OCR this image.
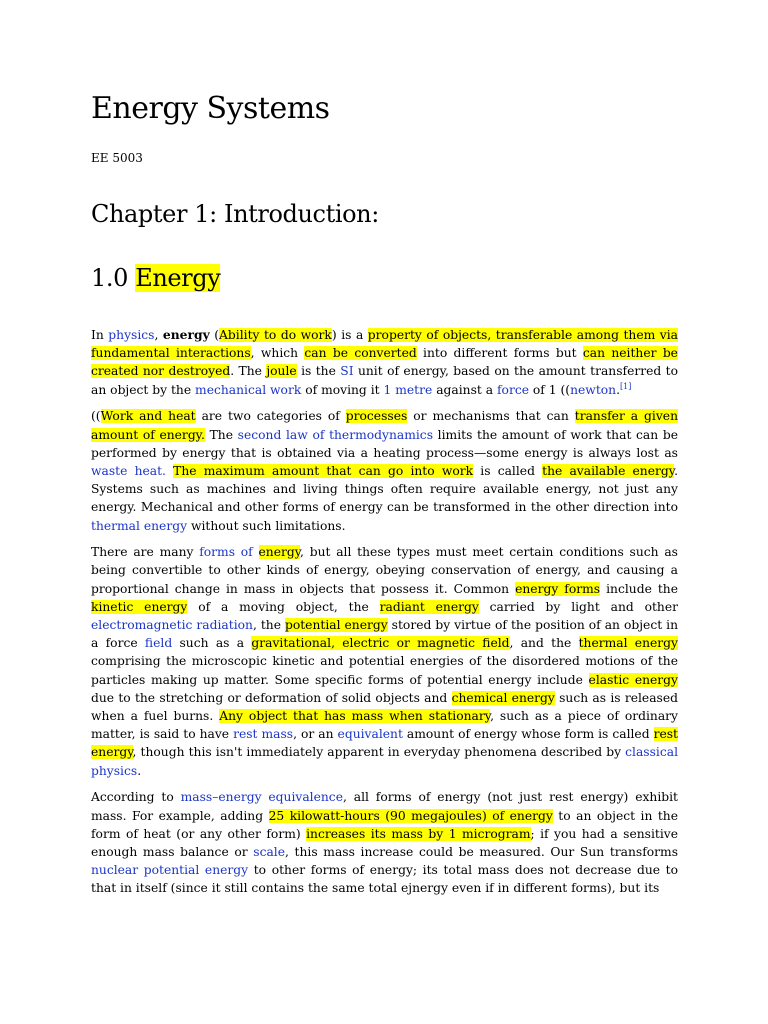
Energy Systems
EE 5003
Chapter 1: Introduction:
1.0 Energy

In physics, energy (Ability to do work) is a property of objects, transferable among them via fundamental interactions, which can be converted into different forms but can neither be created nor destroyed. The joule is the SI unit of energy, based on the amount transferred to an object by the mechanical work of moving it 1 metre against a force of 1 ((newton.[1]

((Work and heat are two categories of processes or mechanisms that can transfer a given amount of energy. The second law of thermodynamics limits the amount of work that can be performed by energy that is obtained via a heating process—some energy is always lost as waste heat. The maximum amount that can go into work is called the available energy. Systems such as machines and living things often require available energy, not just any energy. Mechanical and other forms of energy can be transformed in the other direction into thermal energy without such limitations.

There are many forms of energy, but all these types must meet certain conditions such as being convertible to other kinds of energy, obeying conservation of energy, and causing a proportional change in mass in objects that possess it. Common energy forms include the kinetic energy of a moving object, the radiant energy carried by light and other electromagnetic radiation, the potential energy stored by virtue of the position of an object in a force field such as a gravitational, electric or magnetic field, and the thermal energy comprising the microscopic kinetic and potential energies of the disordered motions of the particles making up matter. Some specific forms of potential energy include elastic energy due to the stretching or deformation of solid objects and chemical energy such as is released when a fuel burns. Any object that has mass when stationary, such as a piece of ordinary matter, is said to have rest mass, or an equivalent amount of energy whose form is called rest energy, though this isn't immediately apparent in everyday phenomena described by classical physics.

According to mass–energy equivalence, all forms of energy (not just rest energy) exhibit mass. For example, adding 25 kilowatt-hours (90 megajoules) of energy to an object in the form of heat (or any other form) increases its mass by 1 microgram; if you had a sensitive enough mass balance or scale, this mass increase could be measured. Our Sun transforms nuclear potential energy to other forms of energy; its total mass does not decrease due to that in itself (since it still contains the same total ejnergy even if in different forms), but its
